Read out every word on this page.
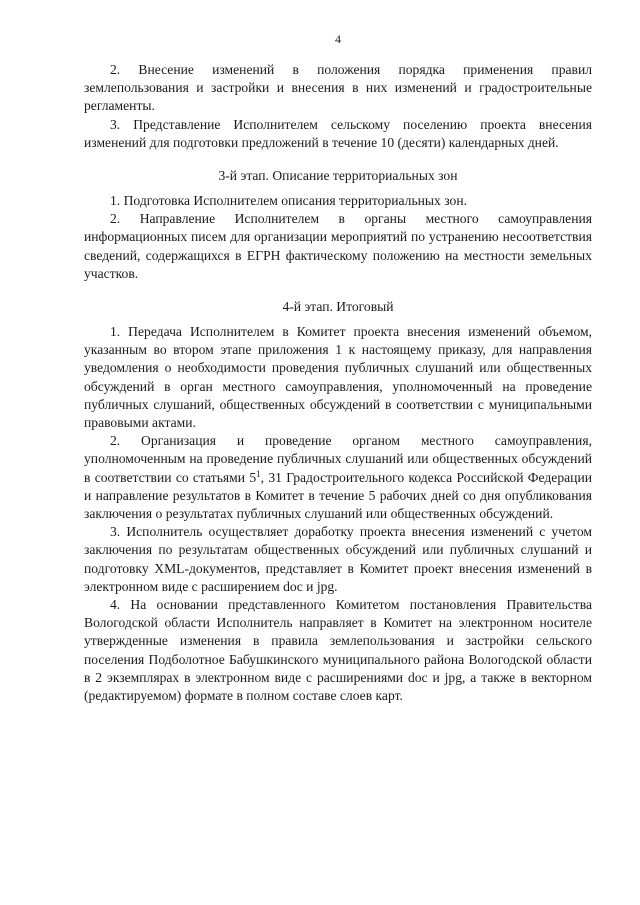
4

2. Внесение изменений в положения порядка применения правил землепользования и застройки и внесения в них изменений и градостроительные регламенты.

3. Представление Исполнителем сельскому поселению проекта внесения изменений для подготовки предложений в течение 10 (десяти) календарных дней.

3-й этап. Описание территориальных зон

1. Подготовка Исполнителем описания территориальных зон.

2. Направление Исполнителем в органы местного самоуправления информационных писем для организации мероприятий по устранению несоответствия сведений, содержащихся в ЕГРН фактическому положению на местности земельных участков.

4-й этап. Итоговый

1. Передача Исполнителем в Комитет проекта внесения изменений объемом, указанным во втором этапе приложения 1 к настоящему приказу, для направления уведомления о необходимости проведения публичных слушаний или общественных обсуждений в орган местного самоуправления, уполномоченный на проведение публичных слушаний, общественных обсуждений в соответствии с муниципальными правовыми актами.

2. Организация и проведение органом местного самоуправления, уполномоченным на проведение публичных слушаний или общественных обсуждений в соответствии со статьями $5^1$, 31 Градостроительного кодекса Российской Федерации и направление результатов в Комитет в течение 5 рабочих дней со дня опубликования заключения о результатах публичных слушаний или общественных обсуждений.

3. Исполнитель осуществляет доработку проекта внесения изменений с учетом заключения по результатам общественных обсуждений или публичных слушаний и подготовку XML-документов, представляет в Комитет проект внесения изменений в электронном виде с расширением doc и jpg.

4. На основании представленного Комитетом постановления Правительства Вологодской области Исполнитель направляет в Комитет на электронном носителе утвержденные изменения в правила землепользования и застройки сельского поселения Подболотное Бабушкинского муниципального района Вологодской области в 2 экземплярах в электронном виде с расширениями doc и jpg, а также в векторном (редактируемом) формате в полном составе слоев карт.
